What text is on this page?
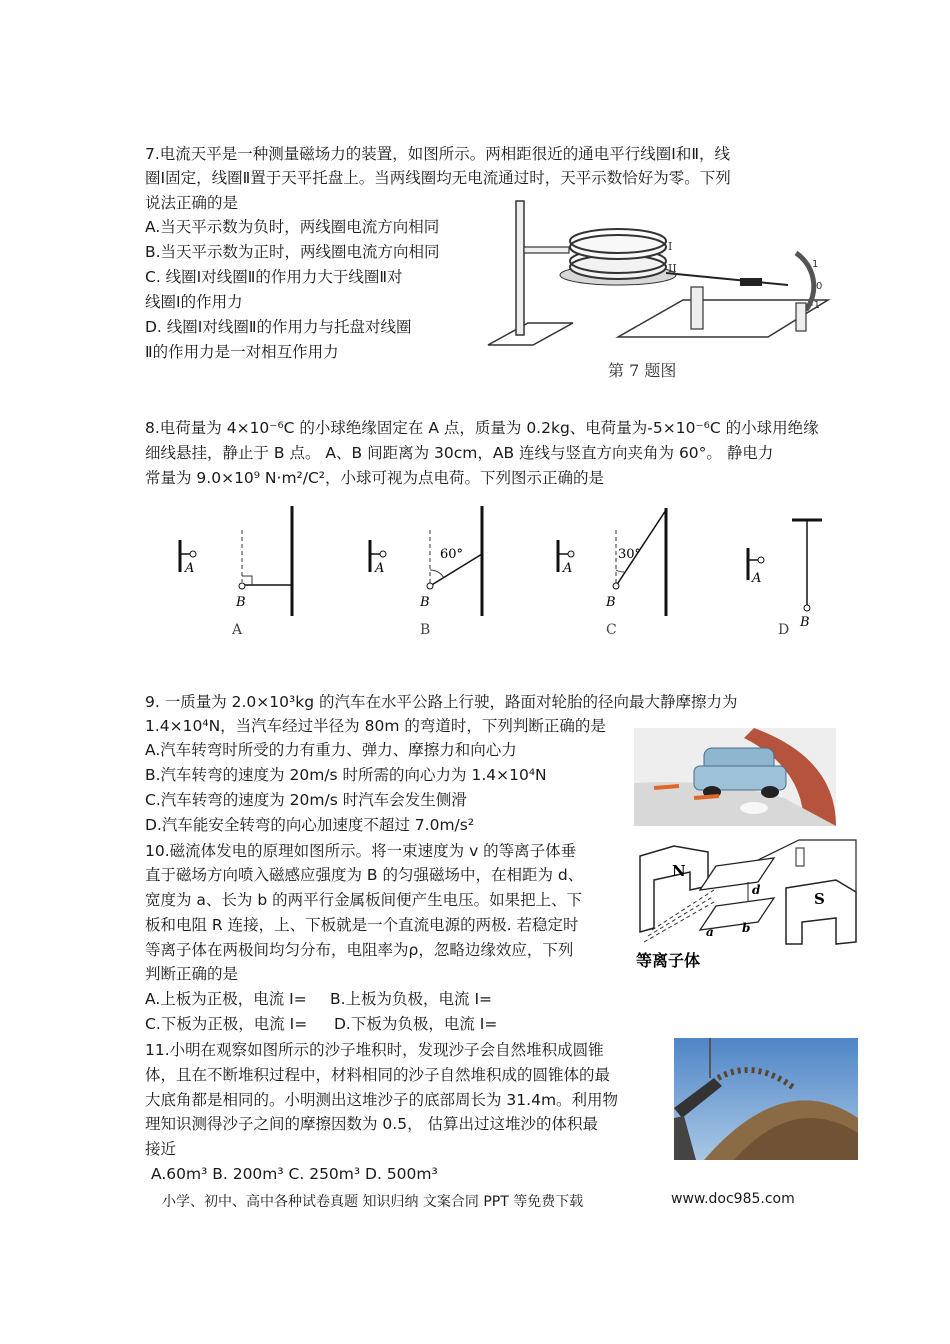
7.电流天平是一种测量磁场力的装置，如图所示。两相距很近的通电平行线圈Ⅰ和Ⅱ，线
圈Ⅰ固定，线圈Ⅱ置于天平托盘上。当两线圈均无电流通过时，天平示数恰好为零。下列
说法正确的是
A.当天平示数为负时，两线圈电流方向相同
B.当天平示数为正时，两线圈电流方向相同
C. 线圈Ⅰ对线圈Ⅱ的作用力大于线圈Ⅱ对
线圈Ⅰ的作用力
D. 线圈Ⅰ对线圈Ⅱ的作用力与托盘对线圈
Ⅱ的作用力是一对相互作用力
I
II	1
0
-1
第 7 题图
8.电荷量为 4×10⁻⁶C 的小球绝缘固定在 A 点，质量为 0.2kg、电荷量为-5×10⁻⁶C 的小球用绝缘
细线悬挂，静止于 B 点。 A、B 间距离为 30cm，AB 连线与竖直方向夹角为 60°。 静电力
常量为 9.0×10⁹ N·m²/C²，小球可视为点电荷。下列图示正确的是
A
B
A
60°
A
B
B
30°
A
B
C
A
B
D
9. 一质量为 2.0×10³kg 的汽车在水平公路上行驶，路面对轮胎的径向最大静摩擦力为
1.4×10⁴N，当汽车经过半径为 80m 的弯道时，下列判断正确的是
A.汽车转弯时所受的力有重力、弹力、摩擦力和向心力
B.汽车转弯的速度为 20m/s 时所需的向心力为 1.4×10⁴N
C.汽车转弯的速度为 20m/s 时汽车会发生侧滑
D.汽车能安全转弯的向心加速度不超过 7.0m/s²
10.磁流体发电的原理如图所示。将一束速度为 v 的等离子体垂
直于磁场方向喷入磁感应强度为 B 的匀强磁场中，在相距为 d、
宽度为 a、长为 b 的两平行金属板间便产生电压。如果把上、下
板和电阻 R 连接，上、下板就是一个直流电源的两极. 若稳定时
等离子体在两极间均匀分布，电阻率为ρ，忽略边缘效应，下列
判断正确的是
A.上板为正极，电流 I= B.上板为负极，电流 I=
C.下板为正极，电流 I= D.下板为负极，电流 I=
N
d
a b
S
等离子体
11.小明在观察如图所示的沙子堆积时，发现沙子会自然堆积成圆锥
体，且在不断堆积过程中，材料相同的沙子自然堆积成的圆锥体的最
大底角都是相同的。小明测出这堆沙子的底部周长为 31.4m。利用物
理知识测得沙子之间的摩擦因数为 0.5， 估算出过这堆沙的体积最
接近
A.60m³ B. 200m³ C. 250m³ D. 500m³
小学、初中、高中各种试卷真题 知识归纳 文案合同 PPT 等免费下载	www.doc985.com
